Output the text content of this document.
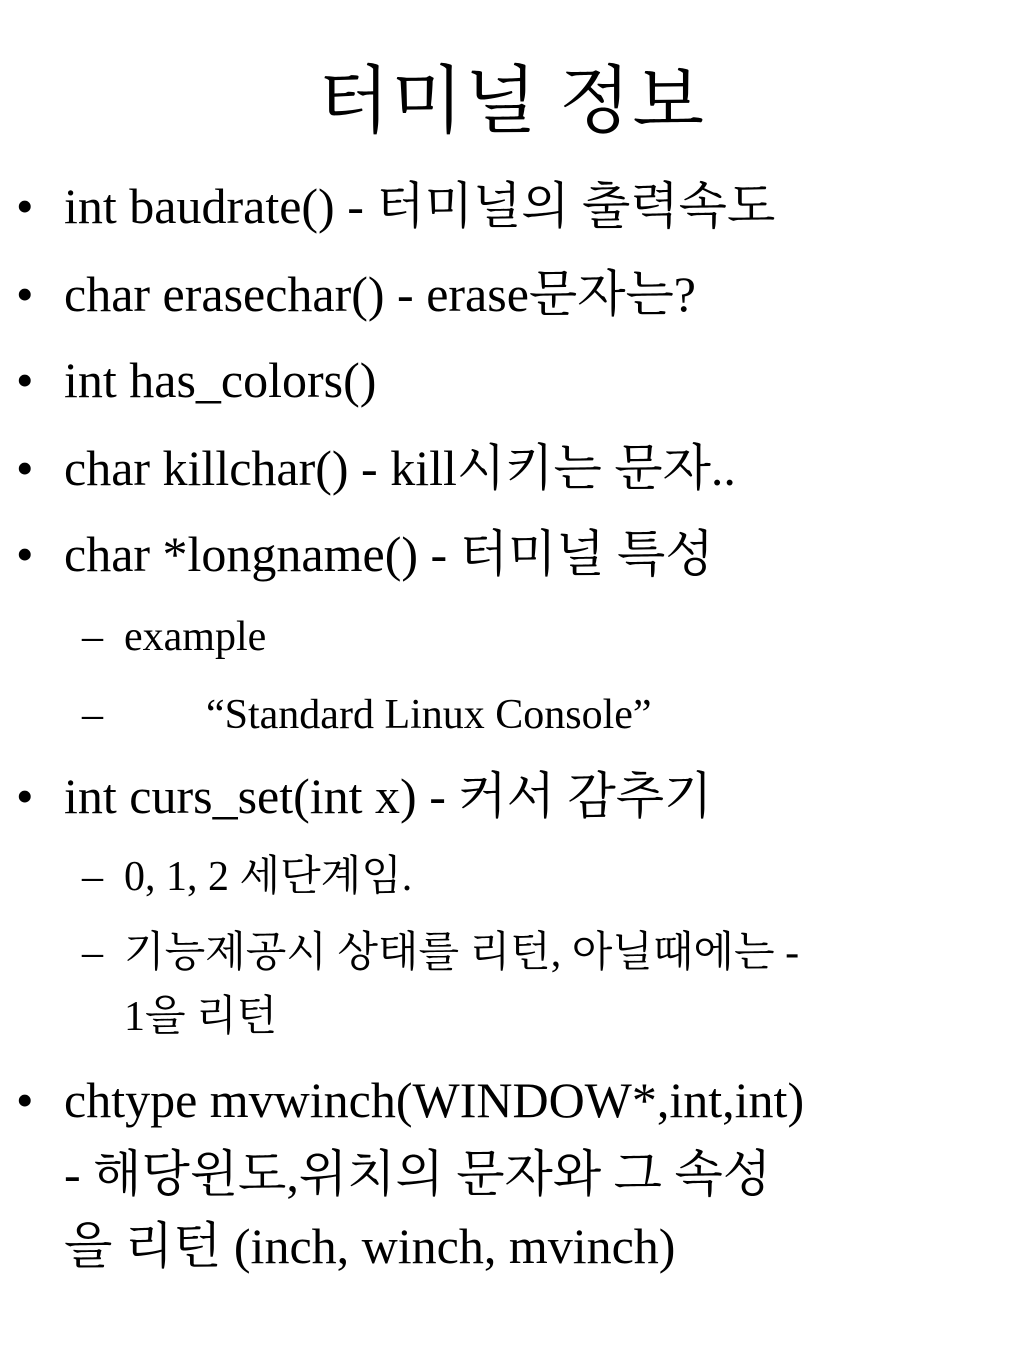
터미널 정보
• int baudrate() - 터미널의 출력속도
• char erasechar() - erase문자는?
• int has_colors()
• char killchar() - kill시키는 문자..
• char *longname() - 터미널 특성
– example
– “Standard Linux Console”
• int curs_set(int x) - 커서 감추기
– 0, 1, 2 세단계임.
– 기능제공시 상태를 리턴, 아닐때에는 -
1을 리턴
• chtype mvwinch(WINDOW*,int,int)
- 해당윈도,위치의 문자와 그 속성
을 리턴 (inch, winch, mvinch)
